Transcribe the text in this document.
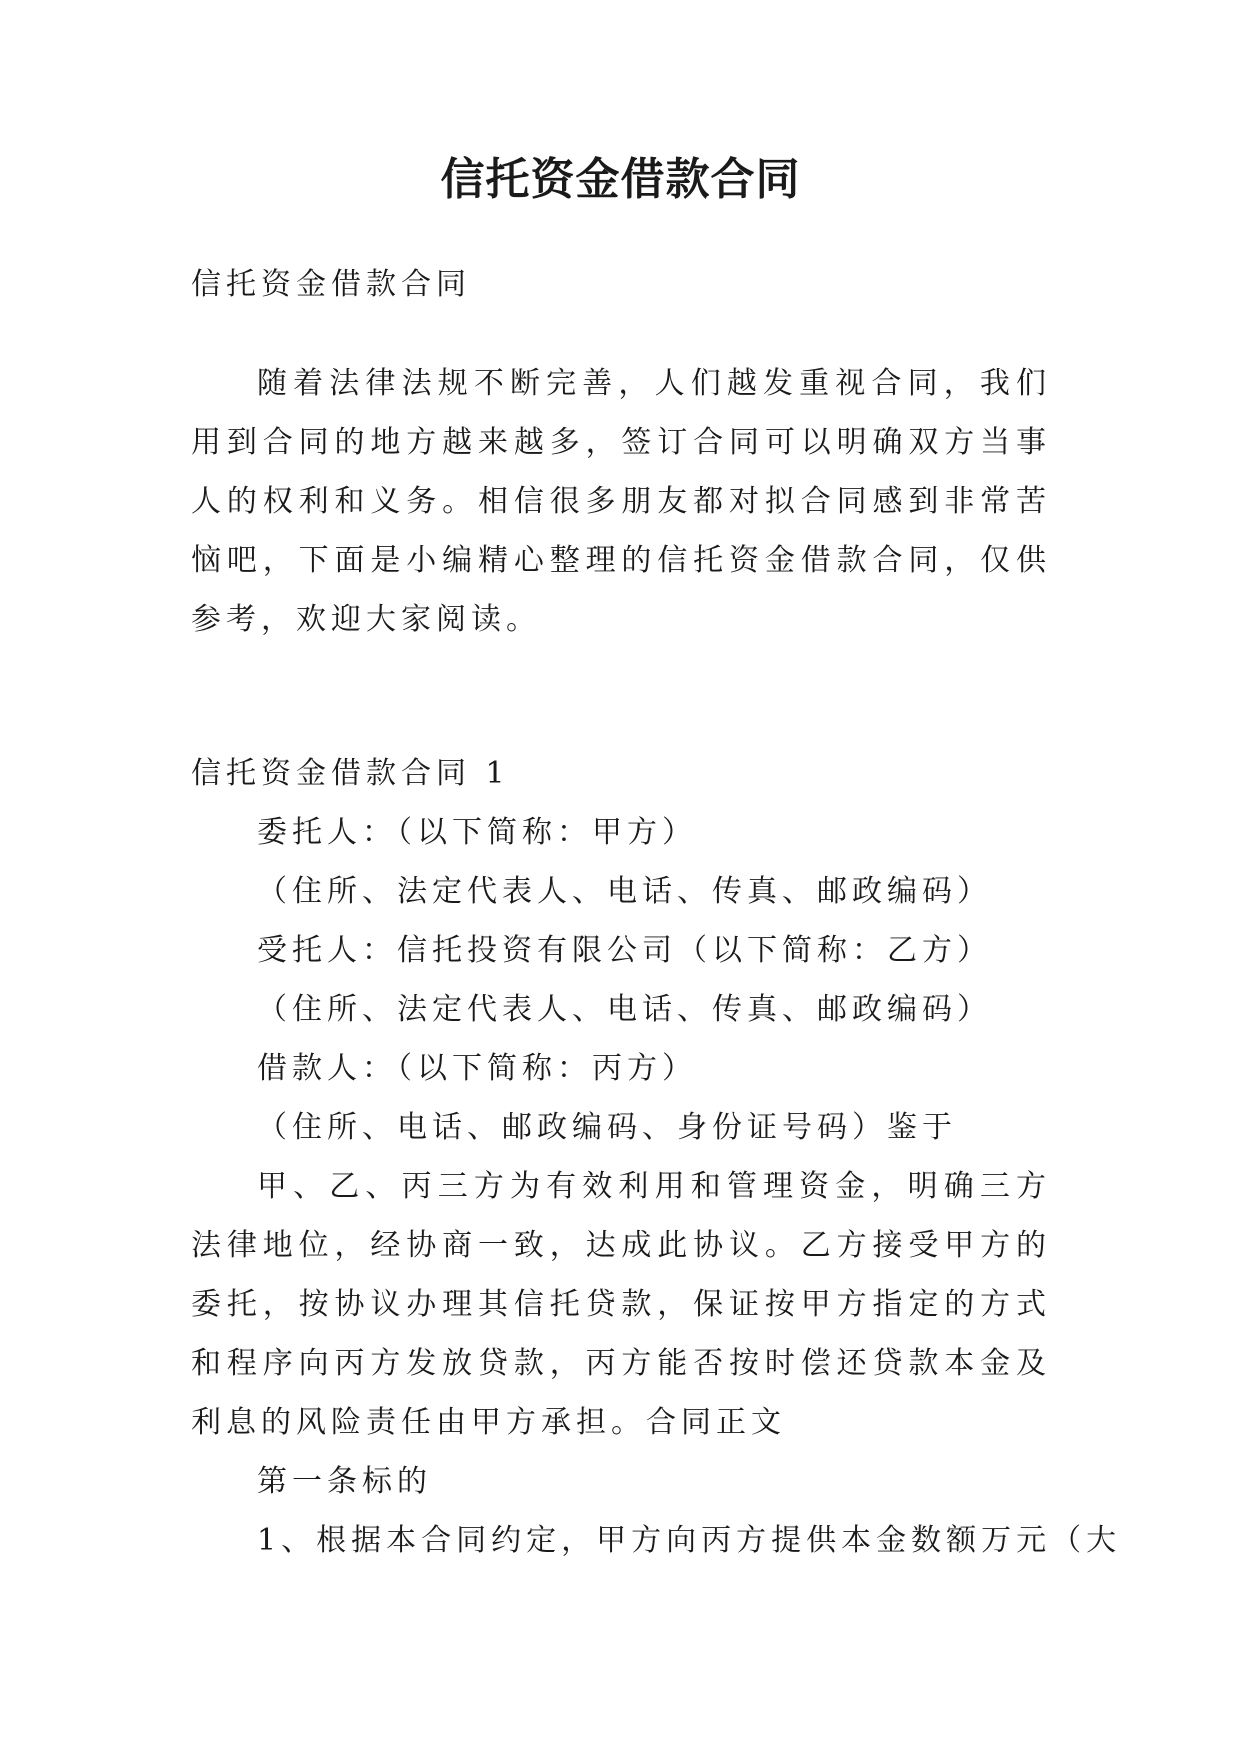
信托资金借款合同

信托资金借款合同

随着法律法规不断完善，人们越发重视合同，我们用到合同的地方越来越多，签订合同可以明确双方当事人的权利和义务。相信很多朋友都对拟合同感到非常苦恼吧，下面是小编精心整理的信托资金借款合同，仅供参考，欢迎大家阅读。

信托资金借款合同 1

委托人：（以下简称：甲方）

（住所、法定代表人、电话、传真、邮政编码）

受托人：信托投资有限公司（以下简称：乙方）

（住所、法定代表人、电话、传真、邮政编码）

借款人：（以下简称：丙方）

（住所、电话、邮政编码、身份证号码）鉴于

甲、乙、丙三方为有效利用和管理资金，明确三方法律地位，经协商一致，达成此协议。乙方接受甲方的委托，按协议办理其信托贷款，保证按甲方指定的方式和程序向丙方发放贷款，丙方能否按时偿还贷款本金及利息的风险责任由甲方承担。合同正文

第一条标的

1、根据本合同约定，甲方向丙方提供本金数额万元（大
